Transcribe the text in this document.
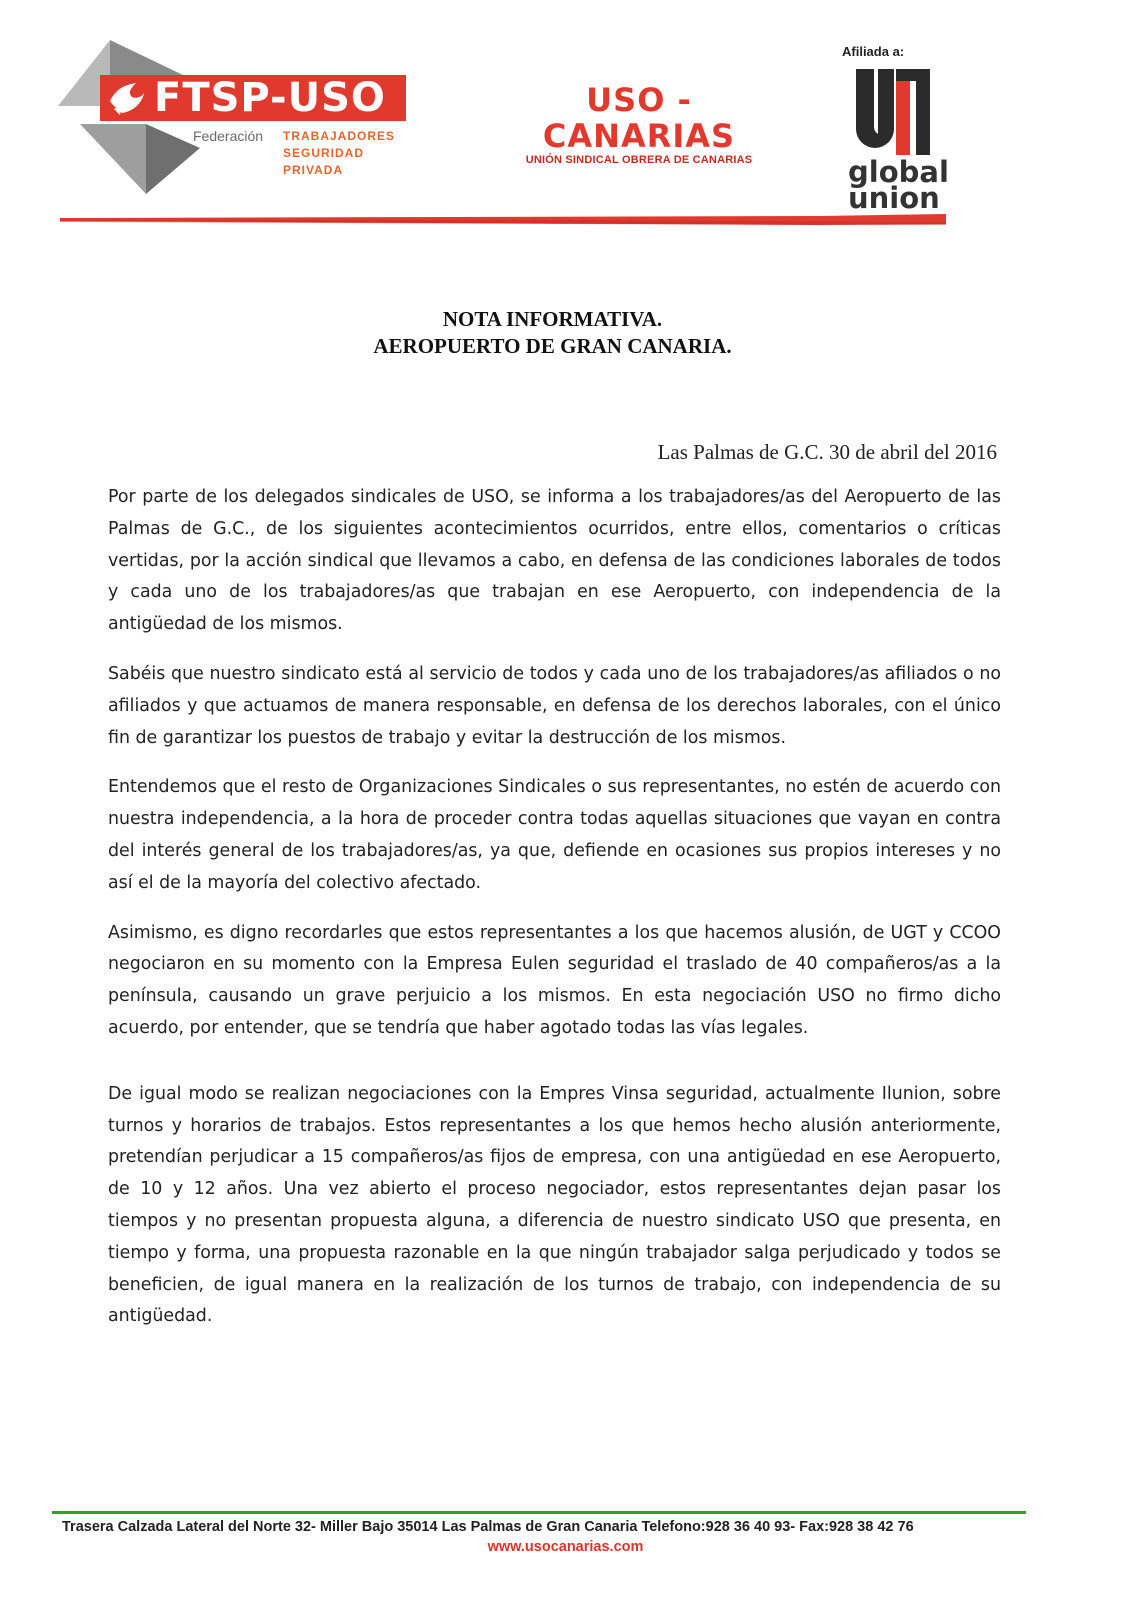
FTSP-USO
Federación TRABAJADORES
SEGURIDAD
PRIVADA
USO - CANARIAS
UNIÓN SINDICAL OBRERA DE CANARIAS
Afiliada a:
global
union
NOTA INFORMATIVA.
AEROPUERTO DE GRAN CANARIA.
Las Palmas de G.C. 30 de abril del 2016

Por parte de los delegados sindicales de USO, se informa a los trabajadores/as del Aeropuerto de las Palmas de G.C., de los siguientes acontecimientos ocurridos, entre ellos, comentarios o críticas vertidas, por la acción sindical que llevamos a cabo, en defensa de las condiciones laborales de todos y cada uno de los trabajadores/as que trabajan en ese Aeropuerto, con independencia de la antigüedad de los mismos.

Sabéis que nuestro sindicato está al servicio de todos y cada uno de los trabajadores/as afiliados o no afiliados y que actuamos de manera responsable, en defensa de los derechos laborales, con el único fin de garantizar los puestos de trabajo y evitar la destrucción de los mismos.

Entendemos que el resto de Organizaciones Sindicales o sus representantes, no estén de acuerdo con nuestra independencia, a la hora de proceder contra todas aquellas situaciones que vayan en contra del interés general de los trabajadores/as, ya que, defiende en ocasiones sus propios intereses y no así el de la mayoría del colectivo afectado.

Asimismo, es digno recordarles que estos representantes a los que hacemos alusión, de UGT y CCOO negociaron en su momento con la Empresa Eulen seguridad el traslado de 40 compañeros/as a la península, causando un grave perjuicio a los mismos. En esta negociación USO no firmo dicho acuerdo, por entender, que se tendría que haber agotado todas las vías legales.

De igual modo se realizan negociaciones con la Empres Vinsa seguridad, actualmente Ilunion, sobre turnos y horarios de trabajos. Estos representantes a los que hemos hecho alusión anteriormente, pretendían perjudicar a 15 compañeros/as fijos de empresa, con una antigüedad en ese Aeropuerto, de 10 y 12 años. Una vez abierto el proceso negociador, estos representantes dejan pasar los tiempos y no presentan propuesta alguna, a diferencia de nuestro sindicato USO que presenta, en tiempo y forma, una propuesta razonable en la que ningún trabajador salga perjudicado y todos se beneficien, de igual manera en la realización de los turnos de trabajo, con independencia de su antigüedad.

Trasera Calzada Lateral del Norte 32- Miller Bajo 35014 Las Palmas de Gran Canaria Telefono:928 36 40 93- Fax:928 38 42 76
www.usocanarias.com
